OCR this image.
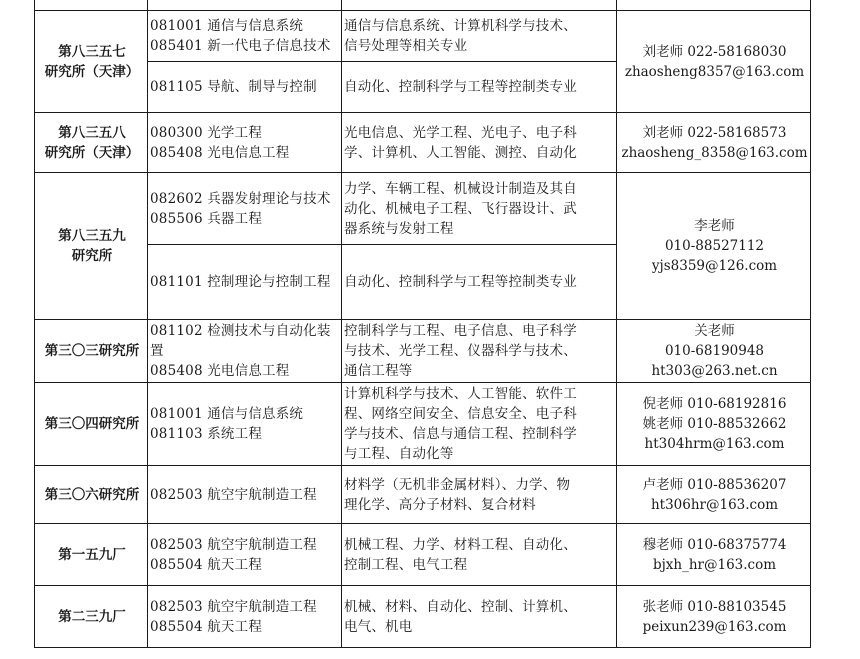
第八三五七
研究所（天津）	081001 通信与信息系统
085401 新一代电子信息技术	通信与信息系统、计算机科学与技术、
信号处理等相关专业	刘老师 022-58168030
zhaosheng8357@163.com
	081105 导航、制导与控制	自动化、控制科学与工程等控制类专业	
第八三五八
研究所（天津）	080300 光学工程
085408 光电信息工程	光电信息、光学工程、光电子、电子科
学、计算机、人工智能、测控、自动化	刘老师 022-58168573
zhaosheng_8358@163.com
第八三五九
研究所	082602 兵器发射理论与技术
085506 兵器工程	力学、车辆工程、机械设计制造及其自
动化、机械电子工程、飞行器设计、武
器系统与发射工程	李老师
010-88527112
yjs8359@126.com
	081101 控制理论与控制工程	自动化、控制科学与工程等控制类专业	
第三〇三研究所	081102 检测技术与自动化装
置
085408 光电信息工程	控制科学与工程、电子信息、电子科学
与技术、光学工程、仪器科学与技术、
通信工程等	关老师
010-68190948
ht303@263.net.cn
第三〇四研究所	081001 通信与信息系统
081103 系统工程	计算机科学与技术、人工智能、软件工
程、网络空间安全、信息安全、电子科
学与技术、信息与通信工程、控制科学
与工程、自动化等	倪老师 010-68192816
姚老师 010-88532662
ht304hrm@163.com
第三〇六研究所	082503 航空宇航制造工程	材料学（无机非金属材料）、力学、物
理化学、高分子材料、复合材料	卢老师 010-88536207
ht306hr@163.com
第一五九厂	082503 航空宇航制造工程
085504 航天工程	机械工程、力学、材料工程、自动化、
控制工程、电气工程	穆老师 010-68375774
bjxh_hr@163.com
第二三九厂	082503 航空宇航制造工程
085504 航天工程	机械、材料、自动化、控制、计算机、
电气、机电	张老师 010-88103545
peixun239@163.com
